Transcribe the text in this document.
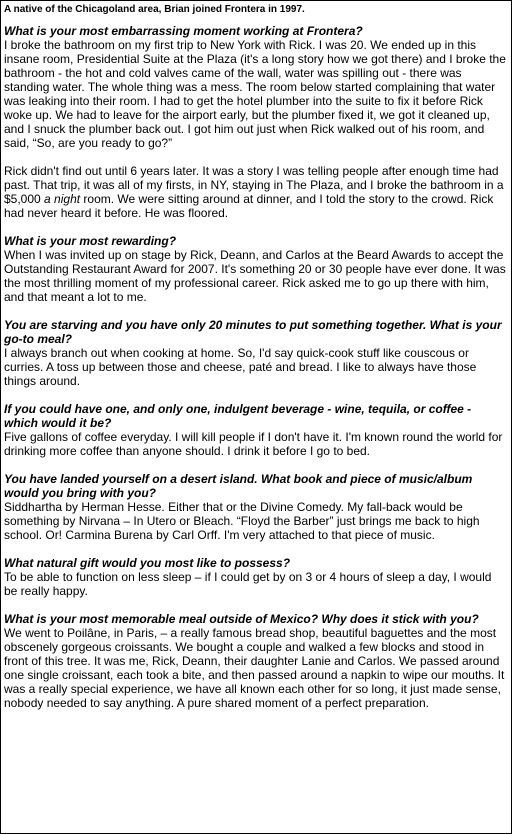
A native of the Chicagoland area, Brian joined Frontera in 1997.

What is your most embarrassing moment working at Frontera?

I broke the bathroom on my first trip to New York with Rick. I was 20. We ended up in this insane room, Presidential Suite at the Plaza (it's a long story how we got there) and I broke the bathroom - the hot and cold valves came of the wall, water was spilling out - there was standing water. The whole thing was a mess. The room below started complaining that water was leaking into their room. I had to get the hotel plumber into the suite to fix it before Rick woke up. We had to leave for the airport early, but the plumber fixed it, we got it cleaned up, and I snuck the plumber back out. I got him out just when Rick walked out of his room, and said, “So, are you ready to go?”

Rick didn't find out until 6 years later. It was a story I was telling people after enough time had past. That trip, it was all of my firsts, in NY, staying in The Plaza, and I broke the bathroom in a $5,000 a night room. We were sitting around at dinner, and I told the story to the crowd. Rick had never heard it before. He was floored.

What is your most rewarding?

When I was invited up on stage by Rick, Deann, and Carlos at the Beard Awards to accept the Outstanding Restaurant Award for 2007. It's something 20 or 30 people have ever done. It was the most thrilling moment of my professional career. Rick asked me to go up there with him, and that meant a lot to me.

You are starving and you have only 20 minutes to put something together. What is your go-to meal?

I always branch out when cooking at home. So, I'd say quick-cook stuff like couscous or curries. A toss up between those and cheese, paté and bread. I like to always have those things around.

If you could have one, and only one, indulgent beverage - wine, tequila, or coffee - which would it be?

Five gallons of coffee everyday. I will kill people if I don't have it. I'm known round the world for drinking more coffee than anyone should. I drink it before I go to bed.

You have landed yourself on a desert island. What book and piece of music/album would you bring with you?

Siddhartha by Herman Hesse. Either that or the Divine Comedy. My fall-back would be something by Nirvana – In Utero or Bleach. “Floyd the Barber” just brings me back to high school. Or! Carmina Burena by Carl Orff. I'm very attached to that piece of music.

What natural gift would you most like to possess?

To be able to function on less sleep – if I could get by on 3 or 4 hours of sleep a day, I would be really happy.

What is your most memorable meal outside of Mexico? Why does it stick with you?

We went to Poilâne, in Paris, – a really famous bread shop, beautiful baguettes and the most obscenely gorgeous croissants. We bought a couple and walked a few blocks and stood in front of this tree. It was me, Rick, Deann, their daughter Lanie and Carlos. We passed around one single croissant, each took a bite, and then passed around a napkin to wipe our mouths. It was a really special experience, we have all known each other for so long, it just made sense, nobody needed to say anything. A pure shared moment of a perfect preparation.
